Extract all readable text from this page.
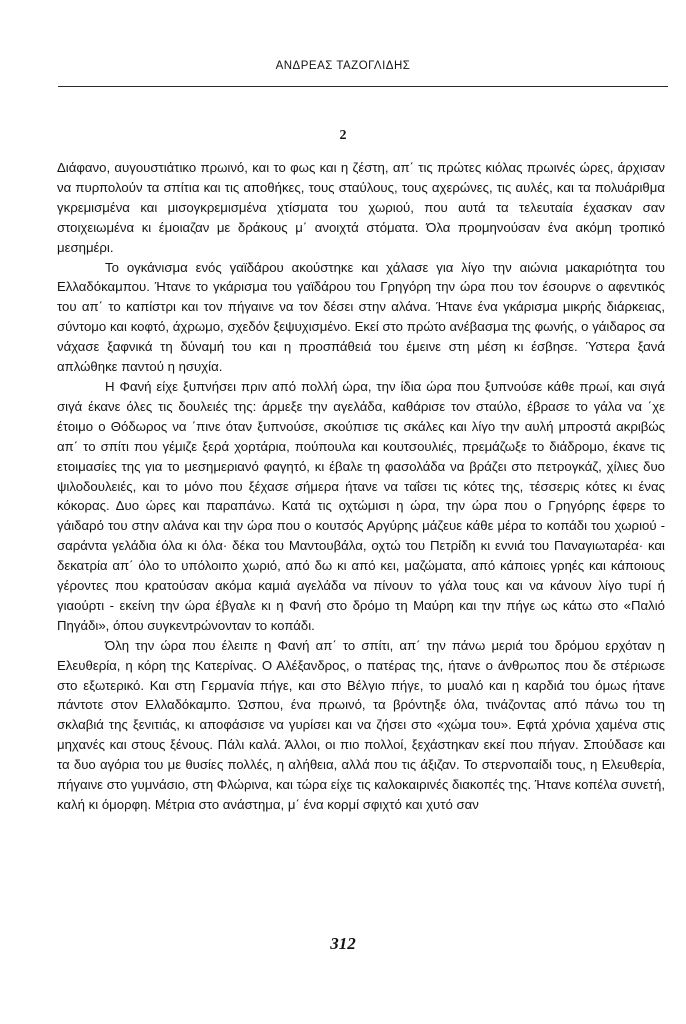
ΑΝΔΡΕΑΣ ΤΑΖΟΓΛΙΔΗΣ
2

Διάφανο, αυγουστιάτικο πρωινό, και το φως και η ζέστη, απ΄ τις πρώτες κιόλας πρωινές ώρες, άρχισαν να πυρπολούν τα σπίτια και τις αποθήκες, τους σταύλους, τους αχερώνες, τις αυλές, και τα πολυάριθμα γκρεμισμένα και μισογκρεμισμένα χτίσματα του χωριού, που αυτά τα τελευταία έχασκαν σαν στοιχειωμένα κι έμοιαζαν με δράκους μ΄ ανοιχτά στόματα. Όλα προμηνούσαν ένα ακόμη τροπικό μεσημέρι.

Το ογκάνισμα ενός γαϊδάρου ακούστηκε και χάλασε για λίγο την αιώνια μακαριότητα του Ελλαδόκαμπου. Ήτανε το γκάρισμα του γαϊδάρου του Γρηγόρη την ώρα που τον έσουρνε ο αφεντικός του απ΄ το καπίστρι και τον πήγαινε να τον δέσει στην αλάνα. Ήτανε ένα γκάρισμα μικρής διάρκειας, σύντομο και κοφτό, άχρωμο, σχεδόν ξεψυχισμένο. Εκεί στο πρώτο ανέβασμα της φωνής, ο γάιδαρος σα νάχασε ξαφνικά τη δύναμή του και η προσπάθειά του έμεινε στη μέση κι έσβησε. Ύστερα ξανά απλώθηκε παντού η ησυχία.

Η Φανή είχε ξυπνήσει πριν από πολλή ώρα, την ίδια ώρα που ξυπνούσε κάθε πρωί, και σιγά σιγά έκανε όλες τις δουλειές της: άρμεξε την αγελάδα, καθάρισε τον σταύλο, έβρασε το γάλα να ΄χε έτοιμο ο Θόδωρος να ΄πινε όταν ξυπνούσε, σκούπισε τις σκάλες και λίγο την αυλή μπροστά ακριβώς απ΄ το σπίτι που γέμιζε ξερά χορτάρια, πούπουλα και κουτσουλιές, πρεμάζωξε το διάδρομο, έκανε τις ετοιμασίες της για το μεσημεριανό φαγητό, κι έβαλε τη φασολάδα να βράζει στο πετρογκάζ, χίλιες δυο ψιλοδουλειές, και το μόνο που ξέχασε σήμερα ήτανε να ταΐσει τις κότες της, τέσσερις κότες κι ένας κόκορας. Δυο ώρες και παραπάνω. Κατά τις οχτώμισι η ώρα, την ώρα που ο Γρηγόρης έφερε το γάιδαρό του στην αλάνα και την ώρα που ο κουτσός Αργύρης μάζευε κάθε μέρα το κοπάδι του χωριού - σαράντα γελάδια όλα κι όλα· δέκα του Μαντουβάλα, οχτώ του Πετρίδη κι εννιά του Παναγιωταρέα· και δεκατρία απ΄ όλο το υπόλοιπο χωριό, από δω κι από κει, μαζώματα, από κάποιες γρηές και κάποιους γέροντες που κρατούσαν ακόμα καμιά αγελάδα να πίνουν το γάλα τους και να κάνουν λίγο τυρί ή γιαούρτι - εκείνη την ώρα έβγαλε κι η Φανή στο δρόμο τη Μαύρη και την πήγε ως κάτω στο «Παλιό Πηγάδι», όπου συγκεντρώνονταν το κοπάδι.

Όλη την ώρα που έλειπε η Φανή απ΄ το σπίτι, απ΄ την πάνω μεριά του δρόμου ερχόταν η Ελευθερία, η κόρη της Κατερίνας. Ο Αλέξανδρος, ο πατέρας της, ήτανε ο άνθρωπος που δε στέριωσε στο εξωτερικό. Και στη Γερμανία πήγε, και στο Βέλγιο πήγε, το μυαλό και η καρδιά του όμως ήτανε πάντοτε στον Ελλαδόκαμπο. Ώσπου, ένα πρωινό, τα βρόντηξε όλα, τινάζοντας από πάνω του τη σκλαβιά της ξενιτιάς, κι αποφάσισε να γυρίσει και να ζήσει στο «χώμα του». Εφτά χρόνια χαμένα στις μηχανές και στους ξένους. Πάλι καλά. Άλλοι, οι πιο πολλοί, ξεχάστηκαν εκεί που πήγαν. Σπούδασε και τα δυο αγόρια του με θυσίες πολλές, η αλήθεια, αλλά που τις άξιζαν. Το στερνοπαίδι τους, η Ελευθερία, πήγαινε στο γυμνάσιο, στη Φλώρινα, και τώρα είχε τις καλοκαιρινές διακοπές της. Ήτανε κοπέλα συνετή, καλή κι όμορφη. Μέτρια στο ανάστημα, μ΄ ένα κορμί σφιχτό και χυτό σαν

312
